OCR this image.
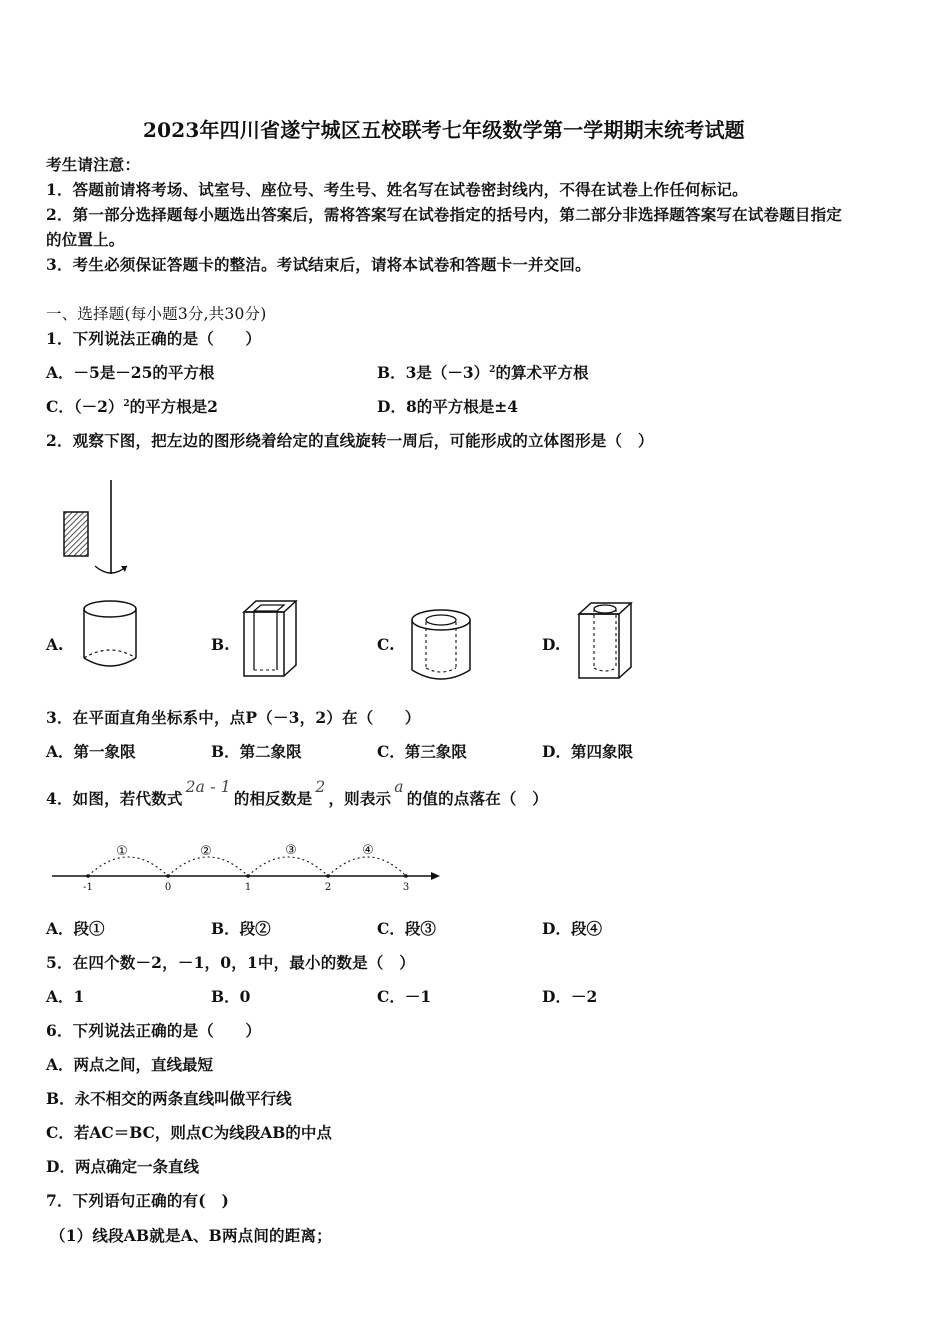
2023年四川省遂宁城区五校联考七年级数学第一学期期末统考试题
考生请注意：
1．答题前请将考场、试室号、座位号、考生号、姓名写在试卷密封线内，不得在试卷上作任何标记。
2．第一部分选择题每小题选出答案后，需将答案写在试卷指定的括号内，第二部分非选择题答案写在试卷题目指定
的位置上。
3．考生必须保证答题卡的整洁。考试结束后，请将本试卷和答题卡一并交回。
一、选择题(每小题3分,共30分)
1．下列说法正确的是（　　）
A．－5是－25的平方根	B．3是$(-3)^2$的算术平方根
C．$(-2)^2$的平方根是2	D．8的平方根是±4
2．观察下图，把左边的图形绕着给定的直线旋转一周后，可能形成的立体图形是（　）
A.	B.	C.	D.
3．在平面直角坐标系中，点P（－3，2）在（　　）
A．第一象限	B．第二象限	C．第三象限	D．第四象限
4．如图，若代数式2a - 1的相反数是2，则表示a的值的点落在（　）
-1	0	1	2	3
①	②	③	④
A．段①	B．段②	C．段③	D．段④
5．在四个数－2，－1，0，1中，最小的数是（　）
A．1	B．0	C．－1	D．－2
6．下列说法正确的是（　　）
A．两点之间，直线最短
B．永不相交的两条直线叫做平行线
C．若AC＝BC，则点C为线段AB的中点
D．两点确定一条直线
7．下列语句正确的有(　)
（1）线段AB就是A、B两点间的距离；
